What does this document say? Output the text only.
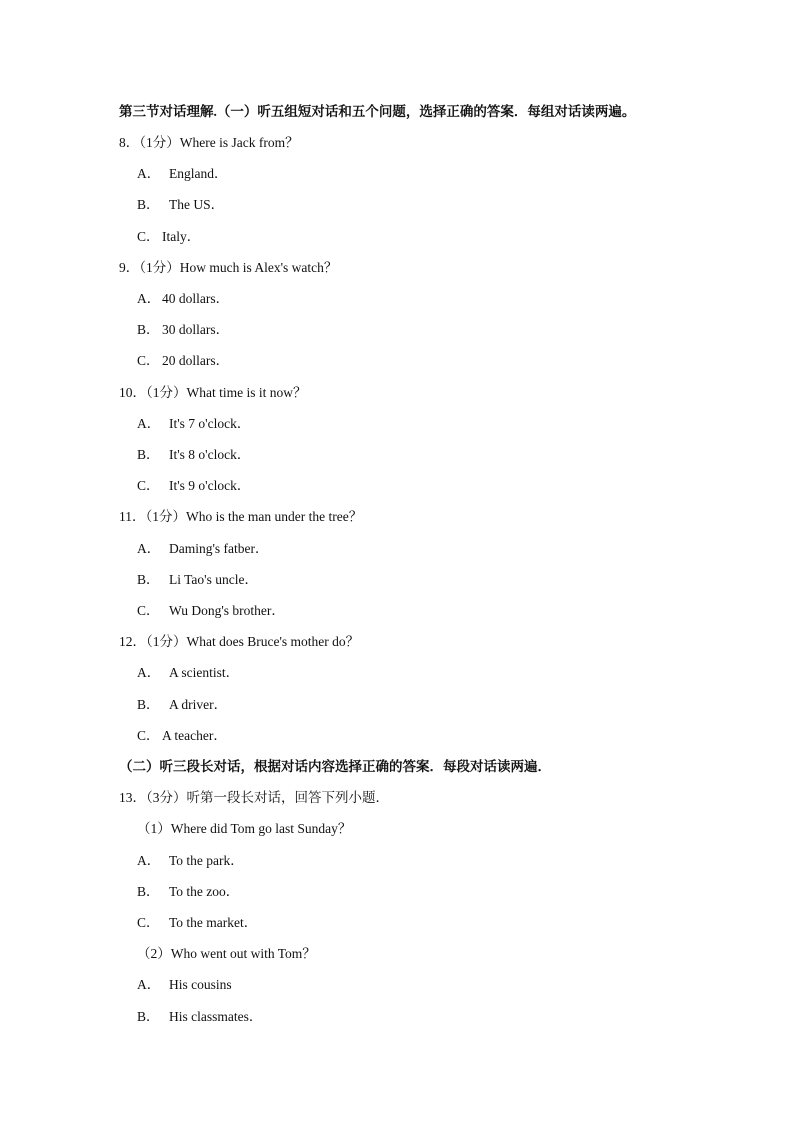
第三节对话理解.（一）听五组短对话和五个问题，选择正确的答案．每组对话读两遍。
8．（1分）Where is Jack from？
A． England．
B． The US．
C． Italy．
9．（1分）How much is Alex's watch？
A． 40 dollars．
B． 30 dollars．
C． 20 dollars．
10．（1分）What time is it now？
A． It's 7 o'clock．
B． It's 8 o'clock．
C． It's 9 o'clock．
11．（1分）Who is the man under the tree？
A． Daming's fatber．
B． Li Tao's uncle．
C． Wu Dong's brother．
12．（1分）What does Bruce's mother do？
A． A scientist．
B． A driver．
C． A teacher．
（二）听三段长对话，根据对话内容选择正确的答案．每段对话读两遍．
13．（3分）听第一段长对话，回答下列小题．
（1）Where did Tom go last Sunday？
A． To the park．
B． To the zoo．
C． To the market．
（2）Who went out with Tom？
A． His cousins
B． His classmates．
